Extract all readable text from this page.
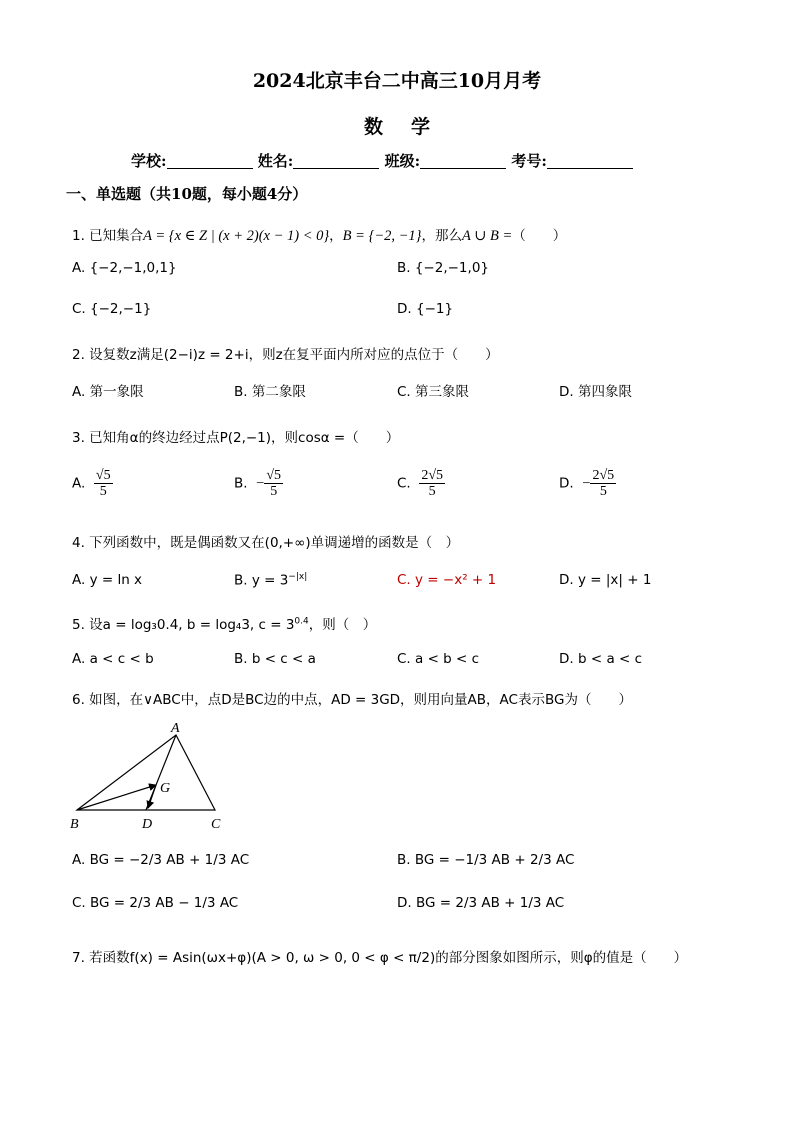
2024北京丰台二中高三10月月考
数学
学校:	姓名:	班级:	考号:
一、单选题（共10题，每小题4分）
1. 已知集合A = {x ∈ Z | (x + 2)(x − 1) < 0}，B = {−2, −1}，那么A ∪ B =（　　）
A. {−2,−1,0,1}	B. {−2,−1,0}
C. {−2,−1}	D. {−1}
2. 设复数z满足(2−i)z = 2+i，则z在复平面内所对应的点位于（　　）
A. 第一象限	B. 第二象限	C. 第三象限	D. 第四象限
3. 已知角α的终边经过点P(2,−1)，则cosα =（　　）
A. $\frac{√5}{5}$	B. − $\frac{√5}{5}$	C. $\frac{2√5}{5}$	D. − $\frac{2√5}{5}$
4. 下列函数中，既是偶函数又在(0,+∞)单调递增的函数是（　）
A. y = ln x	B. $y = 3^{-|x|}$	C. y = −x² + 1	D. y = |x| + 1
5. 设a = log₃0.4, b = log₄3, $c = 3^{0.4}$，则（　）
A. a < c < b	B. b < c < a	C. a < b < c	D. b < a < c
6. 如图，在∨ABC中，点D是BC边的中点，AD = 3GD，则用向量AB，AC表示BG为（　　）
A
B	D	C
G
A. BG = −2/3 AB + 1/3 AC	B. BG = −1/3 AB + 2/3 AC
C. BG = 2/3 AB − 1/3 AC	D. BG = 2/3 AB + 1/3 AC
7. 若函数f(x) = Asin(ωx+φ)(A > 0, ω > 0, 0 < φ < π/2)的部分图象如图所示，则φ的值是（　　）
